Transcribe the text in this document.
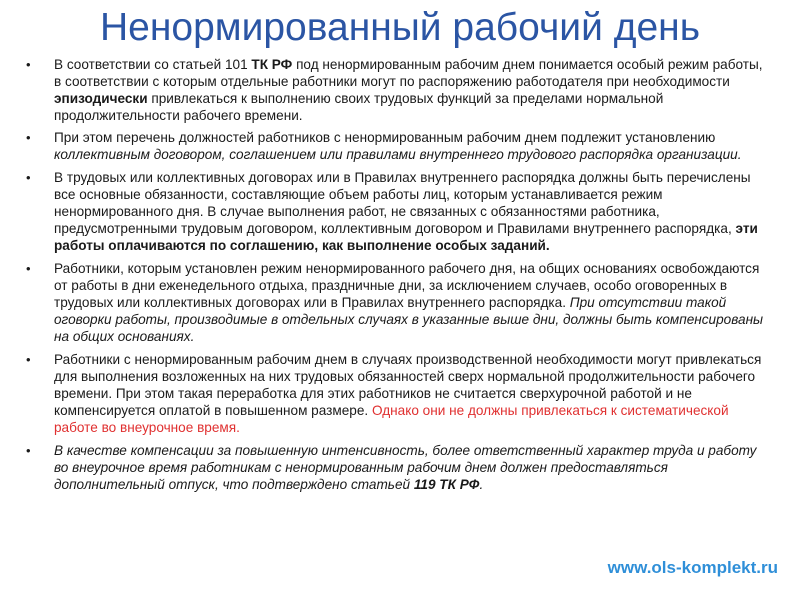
Ненормированный рабочий день
• В соответствии со статьей 101 ТК РФ под ненормированным рабочим днем понимается особый режим работы, в соответствии с которым отдельные работники могут по распоряжению работодателя при необходимости эпизодически привлекаться к выполнению своих трудовых функций за пределами нормальной продолжительности рабочего времени.
• При этом перечень должностей работников с ненормированным рабочим днем подлежит установлению коллективным договором, соглашением или правилами внутреннего трудового распорядка организации.
• В трудовых или коллективных договорах или в Правилах внутреннего распорядка должны быть перечислены все основные обязанности, составляющие объем работы лиц, которым устанавливается режим ненормированного дня. В случае выполнения работ, не связанных с обязанностями работника, предусмотренными трудовым договором, коллективным договором и Правилами внутреннего распорядка, эти работы оплачиваются по соглашению, как выполнение особых заданий.
• Работники, которым установлен режим ненормированного рабочего дня, на общих основаниях освобождаются от работы в дни еженедельного отдыха, праздничные дни, за исключением случаев, особо оговоренных в трудовых или коллективных договорах или в Правилах внутреннего распорядка. При отсутствии такой оговорки работы, производимые в отдельных случаях в указанные выше дни, должны быть компенсированы на общих основаниях.
• Работники с ненормированным рабочим днем в случаях производственной необходимости могут привлекаться для выполнения возложенных на них трудовых обязанностей сверх нормальной продолжительности рабочего времени. При этом такая переработка для этих работников не считается сверхурочной работой и не компенсируется оплатой в повышенном размере. Однако они не должны привлекаться к систематической работе во внеурочное время.
• В качестве компенсации за повышенную интенсивность, более ответственный характер труда и работу во внеурочное время работникам с ненормированным рабочим днем должен предоставляться дополнительный отпуск, что подтверждено статьей 119 ТК РФ.
www.ols-komplekt.ru
